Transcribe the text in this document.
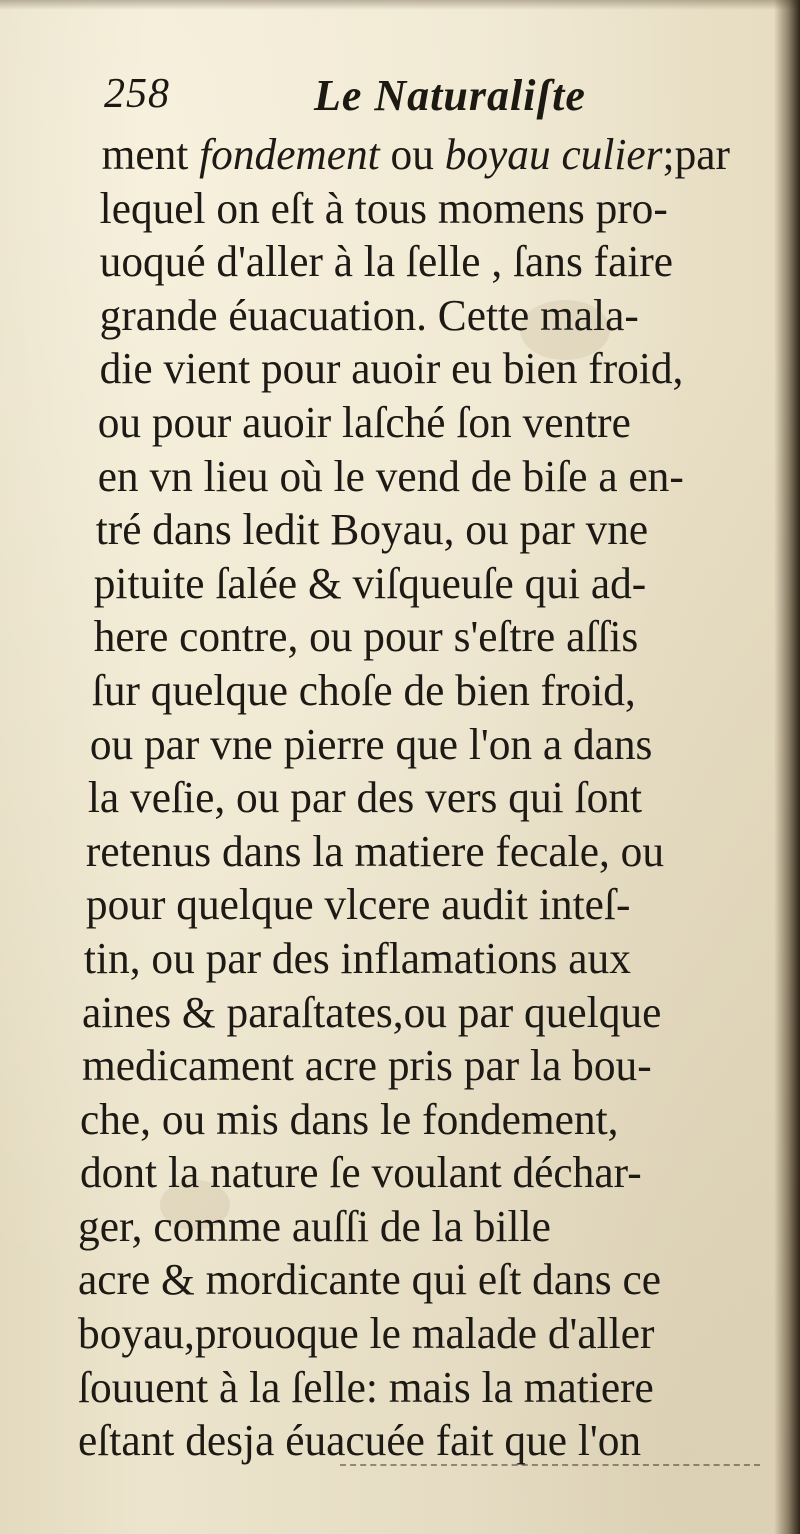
258	Le Naturaliſte
ment fondement ou boyau culier;par
lequel on eſt à tous momens pro-
uoqué d'aller à la ſelle , ſans faire
grande éuacuation. Cette mala-
die vient pour auoir eu bien froid,
ou pour auoir laſché ſon ventre
en vn lieu où le vend de biſe a en-
tré dans ledit Boyau, ou par vne
pituite ſalée & viſqueuſe qui ad-
here contre, ou pour s'eſtre aſſis
ſur quelque choſe de bien froid,
ou par vne pierre que l'on a dans
la veſie, ou par des vers qui ſont
retenus dans la matiere fecale, ou
pour quelque vlcere audit inteſ-
tin, ou par des inflamations aux
aines & paraſtates,ou par quelque
medicament acre pris par la bou-
che, ou mis dans le fondement,
dont la nature ſe voulant déchar-
ger, comme auſſi de la bille
acre & mordicante qui eſt dans ce
boyau,prouoque le malade d'aller
ſouuent à la ſelle: mais la matiere
eſtant desja éuacuée fait que l'on
